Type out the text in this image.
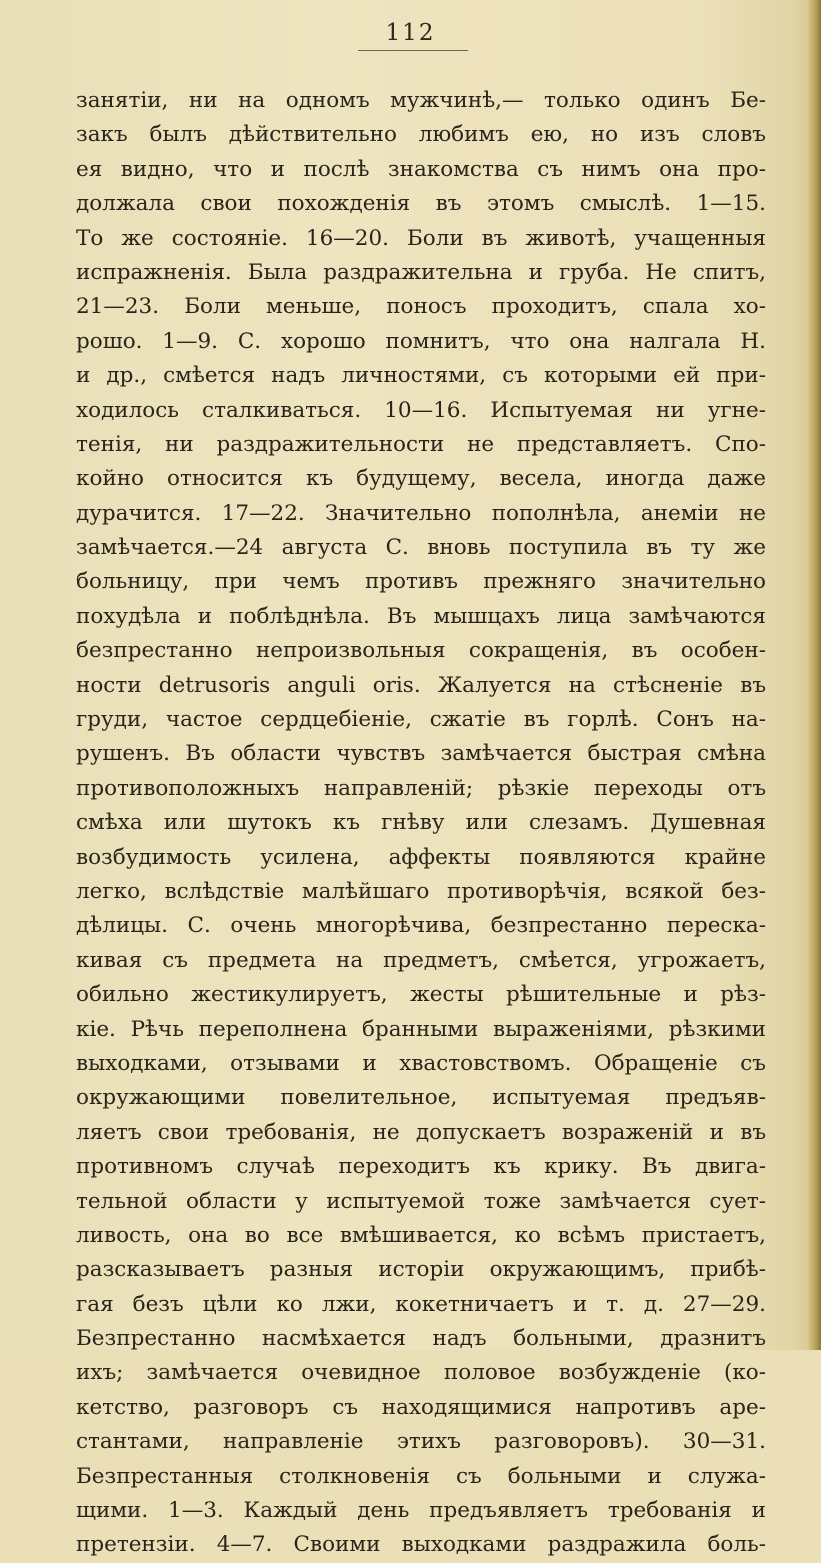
112
занятіи, ни на одномъ мужчинѣ,— только одинъ Бе-
закъ былъ дѣйствительно любимъ ею, но изъ словъ
ея видно, что и послѣ знакомства съ нимъ она про-
должала свои похожденія въ этомъ смыслѣ. 1—15.
То же состояніе. 16—20. Боли въ животѣ, учащенныя
испражненія. Была раздражительна и груба. Не спитъ,
21—23. Боли меньше, поносъ проходитъ, спала хо-
рошо. 1—9. С. хорошо помнитъ, что она налгала Н.
и др., смѣется надъ личностями, съ которыми ей при-
ходилось сталкиваться. 10—16. Испытуемая ни угне-
тенія, ни раздражительности не представляетъ. Спо-
койно относится къ будущему, весела, иногда даже
дурачится. 17—22. Значительно пополнѣла, анеміи не
замѣчается.—24 августа С. вновь поступила въ ту же
больницу, при чемъ противъ прежняго значительно
похудѣла и поблѣднѣла. Въ мышцахъ лица замѣчаются
безпрестанно непроизвольныя сокращенія, въ особен-
ности detrusoris anguli oris. Жалуется на стѣсненіе въ
груди, частое сердцебіеніе, сжатіе въ горлѣ. Сонъ на-
рушенъ. Въ области чувствъ замѣчается быстрая смѣна
противоположныхъ направленій; рѣзкіе переходы отъ
смѣха или шутокъ къ гнѣву или слезамъ. Душевная
возбудимость усилена, аффекты появляются крайне
легко, вслѣдствіе малѣйшаго противорѣчія, всякой без-
дѣлицы. С. очень многорѣчива, безпрестанно переска-
кивая съ предмета на предметъ, смѣется, угрожаетъ,
обильно жестикулируетъ, жесты рѣшительные и рѣз-
кіе. Рѣчь переполнена бранными выраженіями, рѣзкими
выходками, отзывами и хвастовствомъ. Обращеніе съ
окружающими повелительное, испытуемая предъяв-
ляетъ свои требованія, не допускаетъ возраженій и въ
противномъ случаѣ переходитъ къ крику. Въ двига-
тельной области у испытуемой тоже замѣчается сует-
ливость, она во все вмѣшивается, ко всѣмъ пристаетъ,
разсказываетъ разныя исторіи окружающимъ, прибѣ-
гая безъ цѣли ко лжи, кокетничаетъ и т. д. 27—29.
Безпрестанно насмѣхается надъ больными, дразнитъ
ихъ; замѣчается очевидное половое возбужденіе (ко-
кетство, разговоръ съ находящимися напротивъ аре-
стантами, направленіе этихъ разговоровъ). 30—31.
Безпрестанныя столкновенія съ больными и служа-
щими. 1—3. Каждый день предъявляетъ требованія и
претензіи. 4—7. Своими выходками раздражила боль-
